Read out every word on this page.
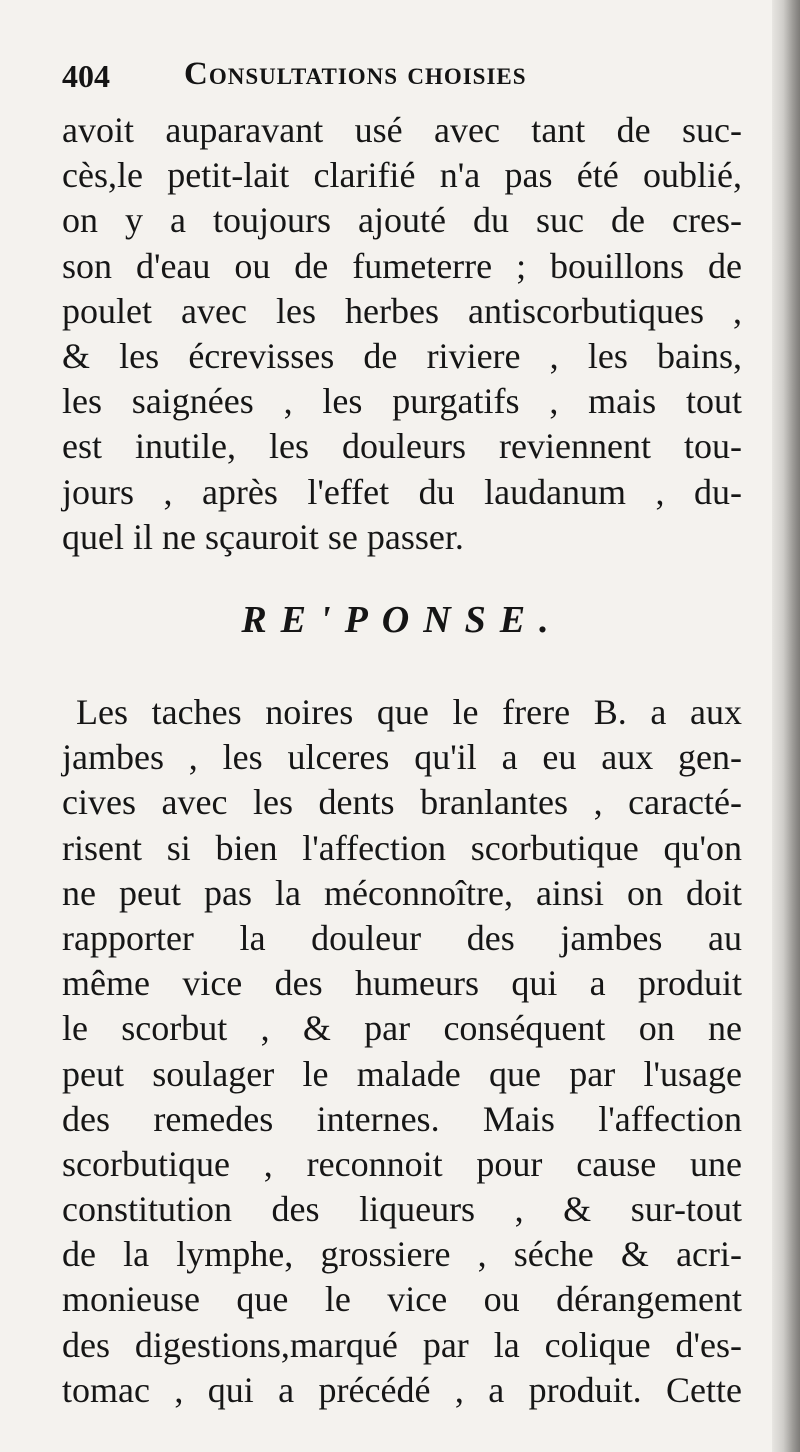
404 Consultations choisies
avoit auparavant usé avec tant de suc-
cès,le petit-lait clarifié n'a pas été oublié,
on y a toujours ajouté du suc de cres-
son d'eau ou de fumeterre ; bouillons de
poulet avec les herbes antiscorbutiques ,
& les écrevisses de riviere , les bains,
les saignées , les purgatifs , mais tout
est inutile, les douleurs reviennent tou-
jours , après l'effet du laudanum , du-
quel il ne sçauroit se passer.
RE'PONSE.
Les taches noires que le frere B. a aux
jambes , les ulceres qu'il a eu aux gen-
cives avec les dents branlantes , caracté-
risent si bien l'affection scorbutique qu'on
ne peut pas la méconnoître, ainsi on doit
rapporter la douleur des jambes au
même vice des humeurs qui a produit
le scorbut , & par conséquent on ne
peut soulager le malade que par l'usage
des remedes internes. Mais l'affection
scorbutique , reconnoit pour cause une
constitution des liqueurs , & sur-tout
de la lymphe, grossiere , séche & acri-
monieuse que le vice ou dérangement
des digestions,marqué par la colique d'es-
tomac , qui a précédé , a produit. Cette
